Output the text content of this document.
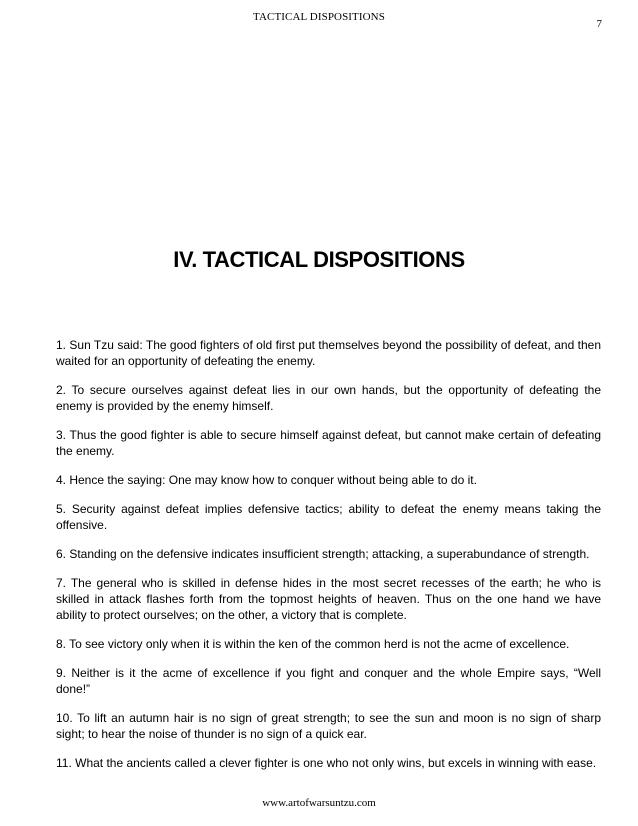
TACTICAL DISPOSITIONS
7
IV. TACTICAL DISPOSITIONS

1. Sun Tzu said: The good fighters of old first put themselves beyond the possibility of defeat, and then waited for an opportunity of defeating the enemy.

2. To secure ourselves against defeat lies in our own hands, but the opportunity of defeating the enemy is provided by the enemy himself.

3. Thus the good fighter is able to secure himself against defeat, but cannot make certain of defeating the enemy.

4. Hence the saying: One may know how to conquer without being able to do it.

5. Security against defeat implies defensive tactics; ability to defeat the enemy means taking the offensive.

6. Standing on the defensive indicates insufficient strength; attacking, a superabundance of strength.

7. The general who is skilled in defense hides in the most secret recesses of the earth; he who is skilled in attack flashes forth from the topmost heights of heaven. Thus on the one hand we have ability to protect ourselves; on the other, a victory that is complete.

8. To see victory only when it is within the ken of the common herd is not the acme of excellence.

9. Neither is it the acme of excellence if you fight and conquer and the whole Empire says, “Well done!”

10. To lift an autumn hair is no sign of great strength; to see the sun and moon is no sign of sharp sight; to hear the noise of thunder is no sign of a quick ear.

11. What the ancients called a clever fighter is one who not only wins, but excels in winning with ease.

www.artofwarsuntzu.com
